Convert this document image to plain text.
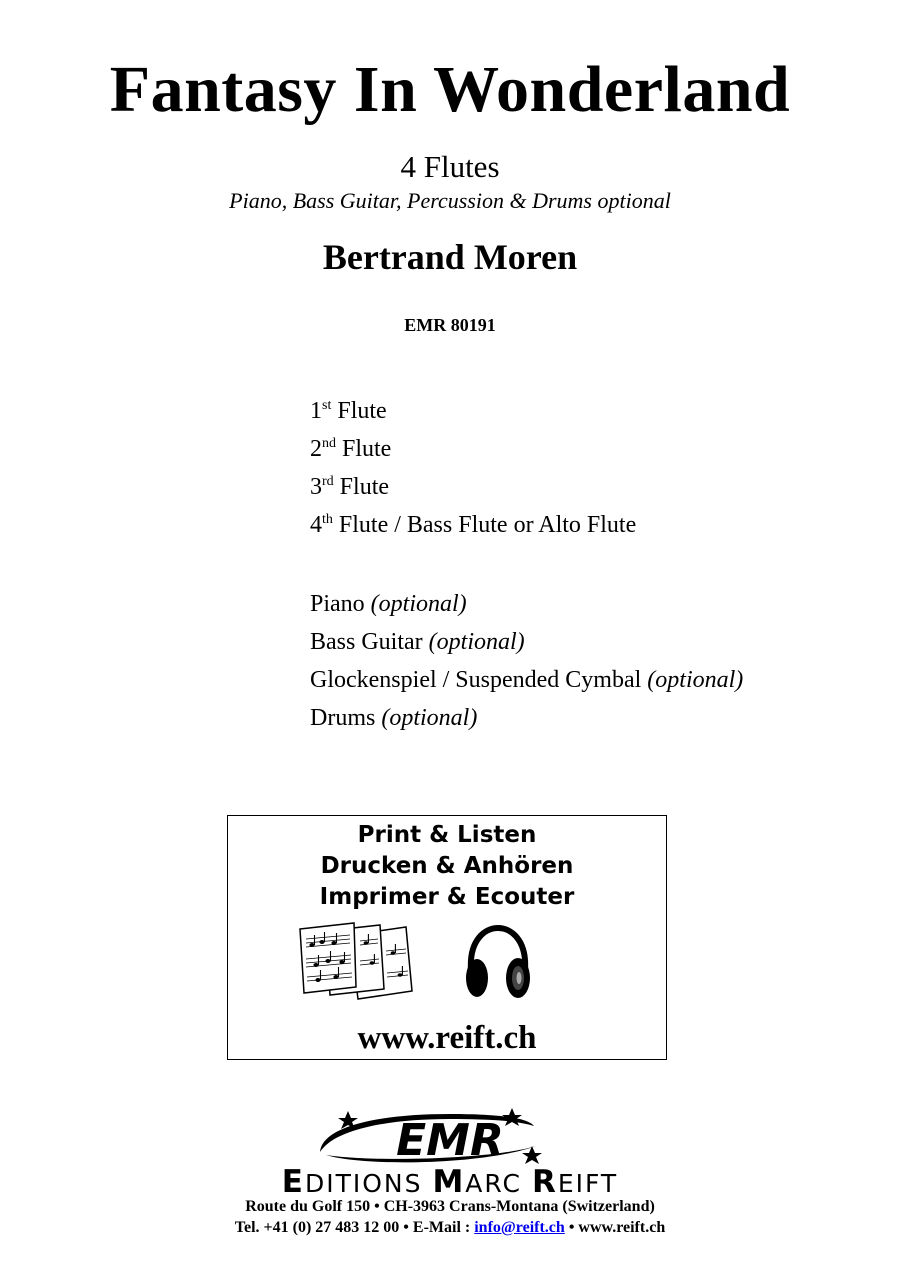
Fantasy In Wonderland
4 Flutes
Piano, Bass Guitar, Percussion & Drums optional
Bertrand Moren
EMR 80191
1st Flute
2nd Flute
3rd Flute
4th Flute / Bass Flute or Alto Flute
Piano (optional)
Bass Guitar (optional)
Glockenspiel / Suspended Cymbal (optional)
Drums (optional)
Print & Listen
Drucken & Anhören
Imprimer & Ecouter
www.reift.ch
EMR
EDITIONS MARC REIFT
Route du Golf 150 • CH-3963 Crans-Montana (Switzerland)
Tel. +41 (0) 27 483 12 00 • E-Mail : info@reift.ch • www.reift.ch
